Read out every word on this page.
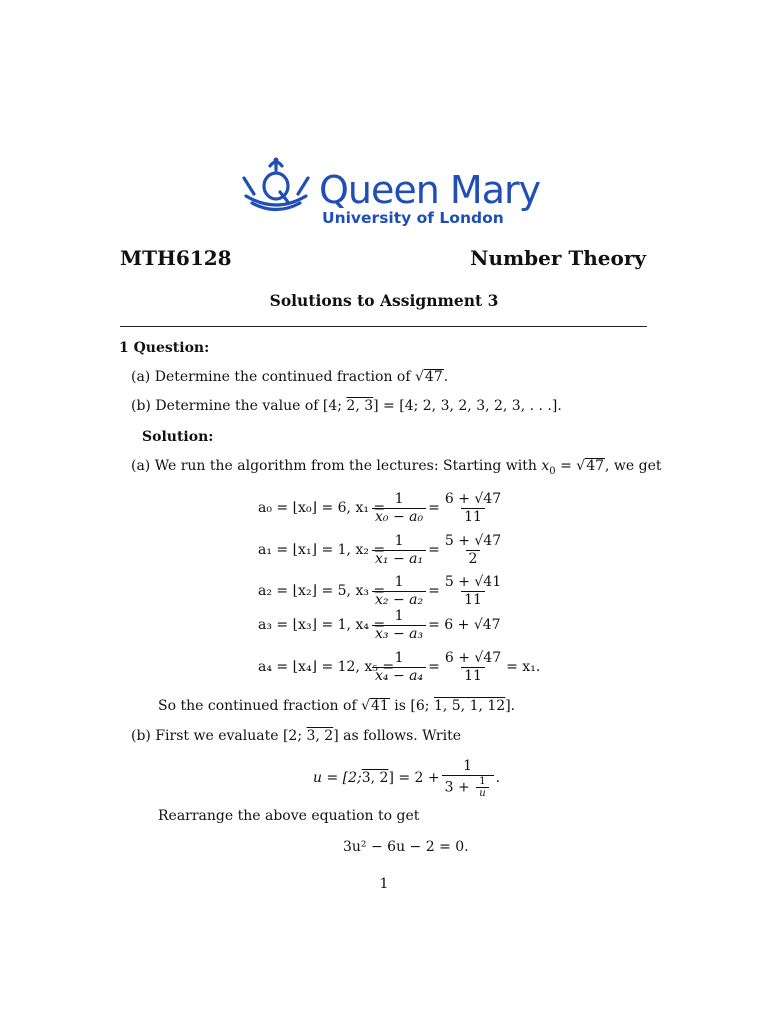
Queen Mary
University of London
MTH6128	Number Theory
Solutions to Assignment 3
1 Question:
(a) Determine the continued fraction of √47.
(b) Determine the value of [4; 2, 3] = [4; 2, 3, 2, 3, 2, 3, . . .].
Solution:
(a) We run the algorithm from the lectures: Starting with $x_0 = √47$, we get
a₀ = ⌊x₀⌋ = 6, x₁ =
$\frac{1}{\text{x₀ − a₀}} = \frac{6 + √47}{11}$
a₁ = ⌊x₁⌋ = 1, x₂ =
$\frac{1}{\text{x₁ − a₁}} = \frac{5 + √47}{2}$
a₂ = ⌊x₂⌋ = 5, x₃ =
$\frac{1}{\text{x₂ − a₂}} = \frac{5 + √41}{11}$
a₃ = ⌊x₃⌋ = 1, x₄ =
$\frac{1}{\text{x₃ − a₃}} = 6 + √47$
a₄ = ⌊x₄⌋ = 12, x₅ =
$\frac{1}{\text{x₄ − a₄}} = \frac{6 + √47}{11} = x_1$.
So the continued fraction of √41 is [6; 1, 5, 1, 12].
(b) First we evaluate [2; 3, 2] as follows. Write
u = [2; 3, 2 ] = $2 + \frac{1}{3 + \frac{1}{u}}$ .
Rearrange the above equation to get
3u² − 6u − 2 = 0.
1
